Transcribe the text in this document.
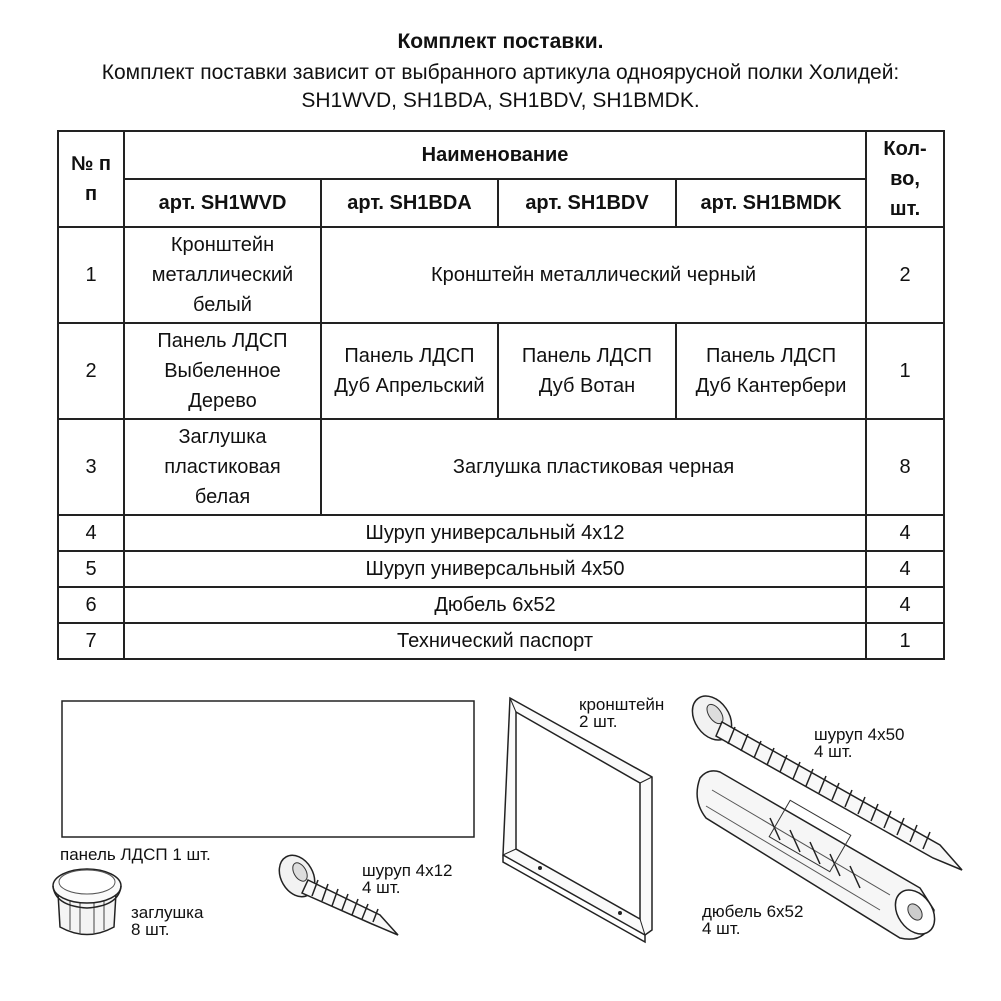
Комплект поставки.
Комплект поставки зависит от выбранного артикула одноярусной полки Холидей:
SH1WVD, SH1BDA, SH1BDV, SH1BMDK.
№ п п	Наименование				Кол-во, шт.
	арт. SH1WVD	арт. SH1BDA	арт. SH1BDV	арт. SH1BMDK	
1	Кронштейн металлический белый	Кронштейн металлический черный			2
2	Панель ЛДСП Выбеленное Дерево	Панель ЛДСП Дуб Апрельский	Панель ЛДСП Дуб Вотан	Панель ЛДСП Дуб Кантербери	1
3	Заглушка пластиковая белая	Заглушка пластиковая черная			8
4	Шуруп универсальный 4х12				4
5	Шуруп универсальный 4х50				4
6	Дюбель 6х52				4
7	Технический паспорт				1
панель ЛДСП 1 шт.
заглушка
8 шт.
шуруп 4х12
4 шт.
кронштейн
2 шт.
шуруп 4х50
4 шт.
дюбель 6х52
4 шт.
